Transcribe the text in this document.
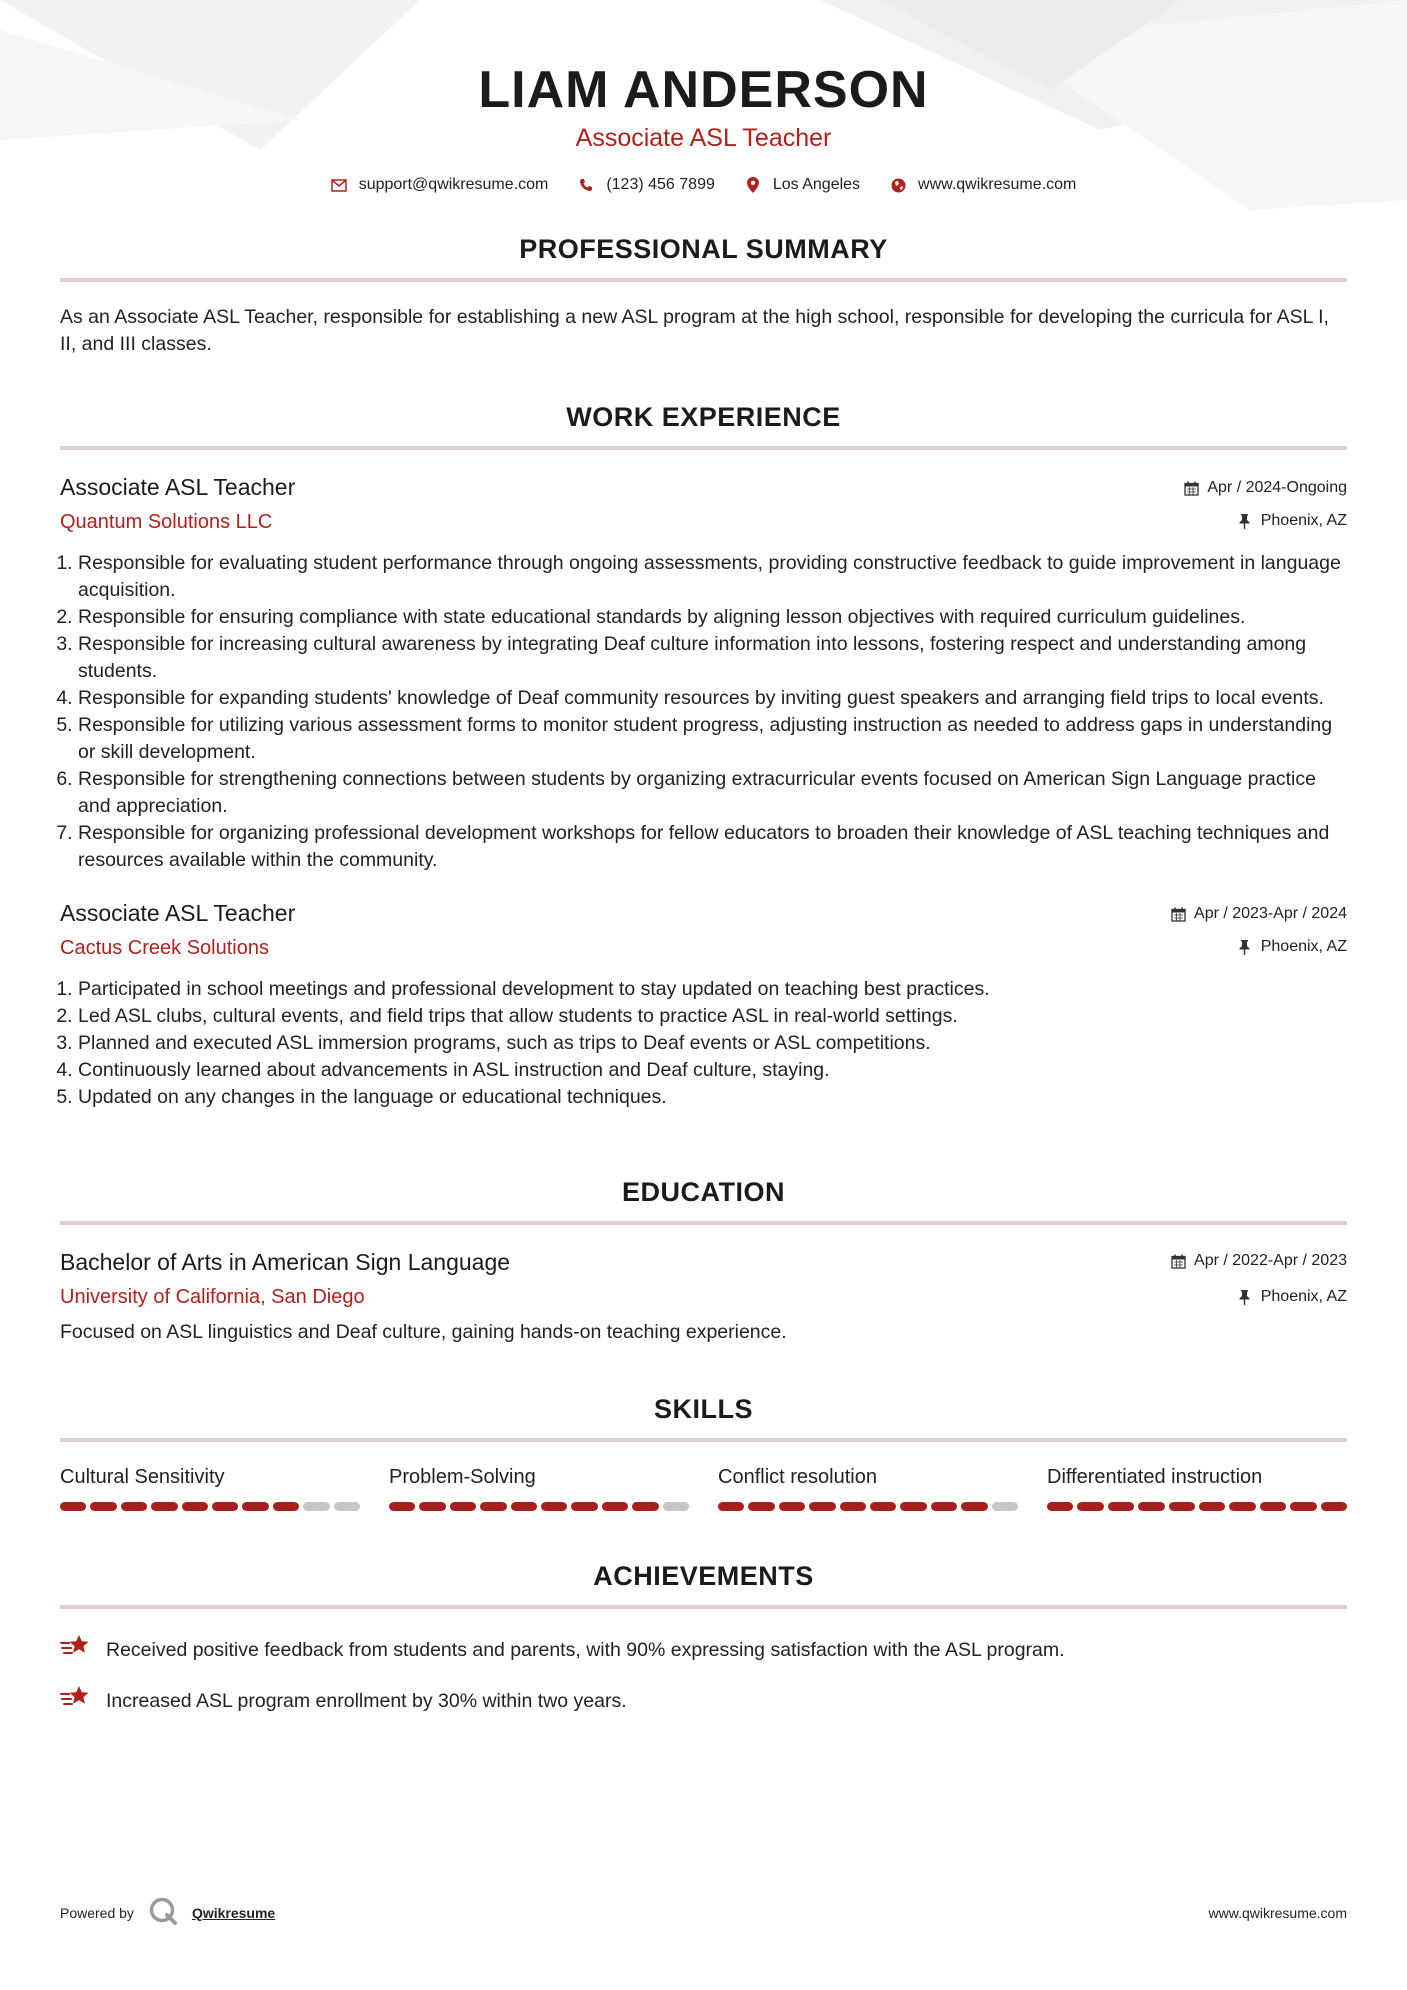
LIAM ANDERSON
Associate ASL Teacher
support@qwikresume.com	(123) 456 7899	Los Angeles	www.qwikresume.com
PROFESSIONAL SUMMARY
As an Associate ASL Teacher, responsible for establishing a new ASL program at the high school, responsible for developing the curricula for ASL I, II, and III classes.
WORK EXPERIENCE
Associate ASL Teacher
Quantum Solutions LLC
Apr / 2024-Ongoing
Phoenix, AZ
1. Responsible for evaluating student performance through ongoing assessments, providing constructive feedback to guide improvement in language acquisition.
2. Responsible for ensuring compliance with state educational standards by aligning lesson objectives with required curriculum guidelines.
3. Responsible for increasing cultural awareness by integrating Deaf culture information into lessons, fostering respect and understanding among students.
4. Responsible for expanding students' knowledge of Deaf community resources by inviting guest speakers and arranging field trips to local events.
5. Responsible for utilizing various assessment forms to monitor student progress, adjusting instruction as needed to address gaps in understanding or skill development.
6. Responsible for strengthening connections between students by organizing extracurricular events focused on American Sign Language practice and appreciation.
7. Responsible for organizing professional development workshops for fellow educators to broaden their knowledge of ASL teaching techniques and resources available within the community.
Associate ASL Teacher
Cactus Creek Solutions
Apr / 2023-Apr / 2024
Phoenix, AZ
1. Participated in school meetings and professional development to stay updated on teaching best practices.
2. Led ASL clubs, cultural events, and field trips that allow students to practice ASL in real-world settings.
3. Planned and executed ASL immersion programs, such as trips to Deaf events or ASL competitions.
4. Continuously learned about advancements in ASL instruction and Deaf culture, staying.
5. Updated on any changes in the language or educational techniques.
EDUCATION
Bachelor of Arts in American Sign Language
University of California, San Diego
Apr / 2022-Apr / 2023
Phoenix, AZ
Focused on ASL linguistics and Deaf culture, gaining hands-on teaching experience.
SKILLS
Cultural Sensitivity	Problem-Solving	Conflict resolution	Differentiated instruction
ACHIEVEMENTS
Received positive feedback from students and parents, with 90% expressing satisfaction with the ASL program.
Increased ASL program enrollment by 30% within two years.
Powered by	Qwikresume	www.qwikresume.com
